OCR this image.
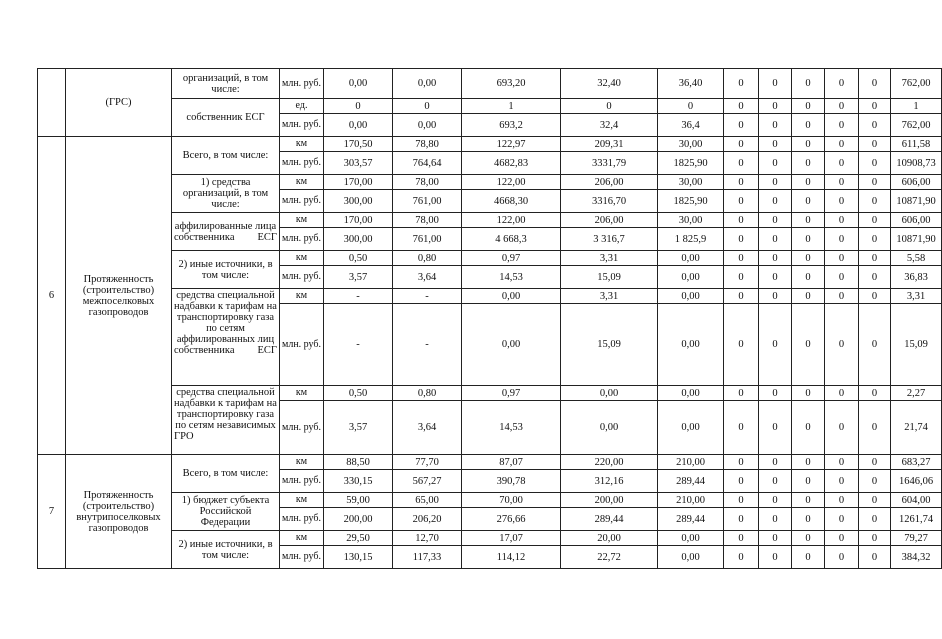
	(ГРС)	организаций, в том числе:	млн. руб.	0,00	0,00	693,20	32,40	36,40	0	0	0	0	0	762,00
		собственник ЕСГ	ед.	0	0	1	0	0	0	0	0	0	0	1
			млн. руб.	0,00	0,00	693,2	32,4	36,4	0	0	0	0	0	762,00
6	Протяженность (строительство) межпоселковых газопроводов	Всего, в том числе:	км	170,50	78,80	122,97	209,31	30,00	0	0	0	0	0	611,58
			млн. руб.	303,57	764,64	4682,83	3331,79	1825,90	0	0	0	0	0	10908,73
		1) средства организаций, в том числе:	км	170,00	78,00	122,00	206,00	30,00	0	0	0	0	0	606,00
			млн. руб.	300,00	761,00	4668,30	3316,70	1825,90	0	0	0	0	0	10871,90
		аффилированные лица собственника ЕСГ	км	170,00	78,00	122,00	206,00	30,00	0	0	0	0	0	606,00
			млн. руб.	300,00	761,00	4 668,3	3 316,7	1 825,9	0	0	0	0	0	10871,90
		2) иные источники, в том числе:	км	0,50	0,80	0,97	3,31	0,00	0	0	0	0	0	5,58
			млн. руб.	3,57	3,64	14,53	15,09	0,00	0	0	0	0	0	36,83
		средства специальной надбавки к тарифам на транспортировку газа по сетям аффилированных лиц собственника ЕСГ	км	-	-	0,00	3,31	0,00	0	0	0	0	0	3,31
			млн. руб.	-	-	0,00	15,09	0,00	0	0	0	0	0	15,09
		средства специальной надбавки к тарифам на транспортировку газа по сетям независимых ГРО	км	0,50	0,80	0,97	0,00	0,00	0	0	0	0	0	2,27
			млн. руб.	3,57	3,64	14,53	0,00	0,00	0	0	0	0	0	21,74
7	Протяженность (строительство) внутрипоселковых газопроводов	Всего, в том числе:	км	88,50	77,70	87,07	220,00	210,00	0	0	0	0	0	683,27
			млн. руб.	330,15	567,27	390,78	312,16	289,44	0	0	0	0	0	1646,06
		1) бюджет субъекта Российской Федерации	км	59,00	65,00	70,00	200,00	210,00	0	0	0	0	0	604,00
			млн. руб.	200,00	206,20	276,66	289,44	289,44	0	0	0	0	0	1261,74
		2) иные источники, в том числе:	км	29,50	12,70	17,07	20,00	0,00	0	0	0	0	0	79,27
			млн. руб.	130,15	117,33	114,12	22,72	0,00	0	0	0	0	0	384,32
